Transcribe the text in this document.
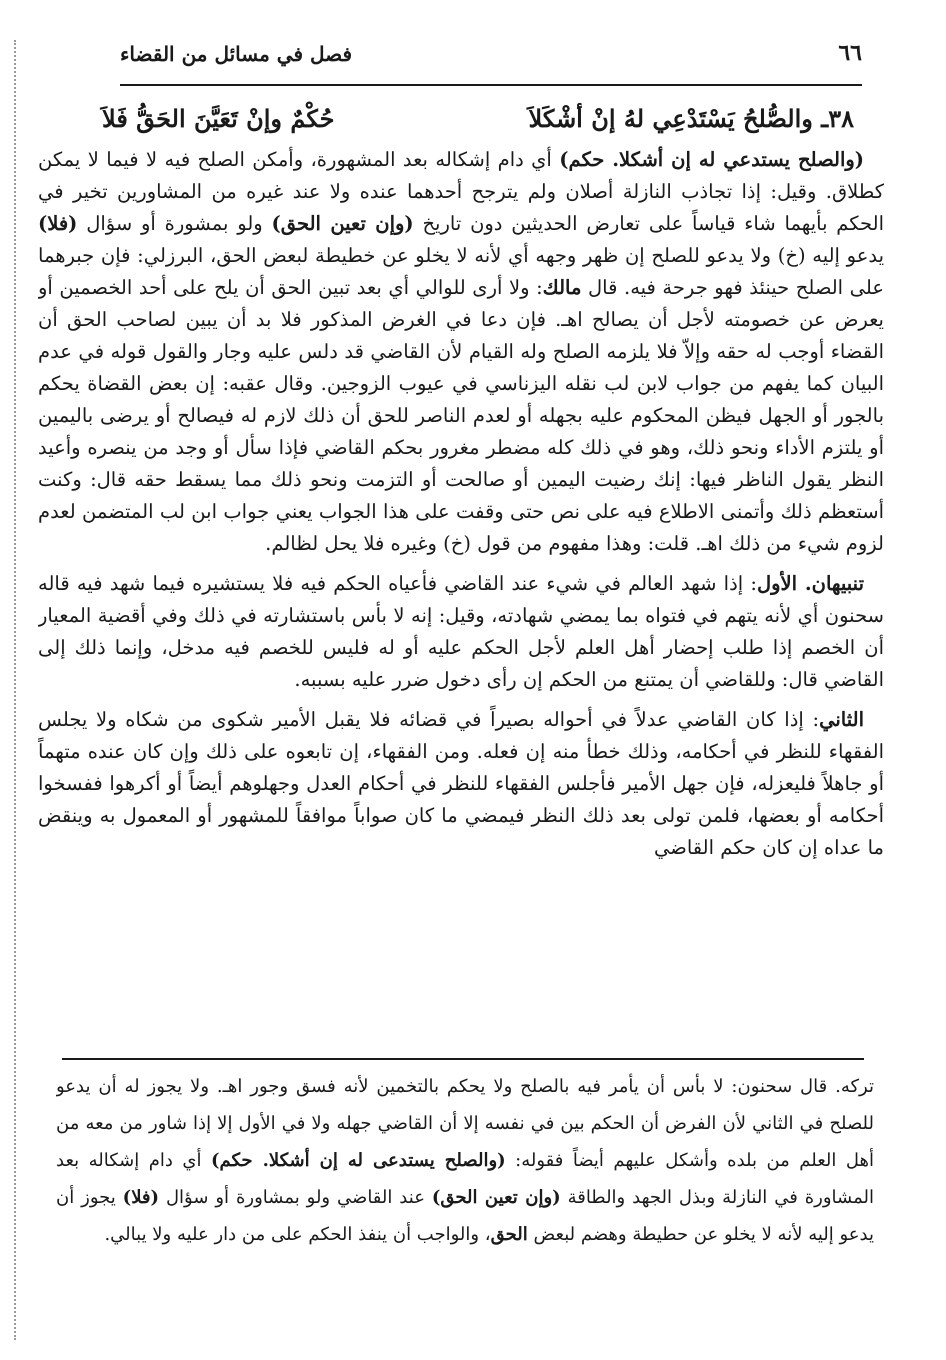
٦٦
فصل في مسائل من القضاء
٣٨ـ والصُّلحُ يَسْتَدْعِي لهُ إنْ أشْكَلاَ
حُكْمٌ وإنْ تَعَيَّنَ الحَقُّ فَلاَ

(والصلح يستدعي له إن أشكلا. حكم) أي دام إشكاله بعد المشهورة، وأمكن الصلح فيه لا فيما لا يمكن كطلاق. وقيل: إذا تجاذب النازلة أصلان ولم يترجح أحدهما عنده ولا عند غيره من المشاورين تخير في الحكم بأيهما شاء قياساً على تعارض الحديثين دون تاريخ (وإن تعين الحق) ولو بمشورة أو سؤال (فلا) يدعو إليه (خ) ولا يدعو للصلح إن ظهر وجهه أي لأنه لا يخلو عن خطيطة لبعض الحق، البرزلي: فإن جبرهما على الصلح حينئذ فهو جرحة فيه. قال مالك: ولا أرى للوالي أي بعد تبين الحق أن يلح على أحد الخصمين أو يعرض عن خصومته لأجل أن يصالح اهـ. فإن دعا في الغرض المذكور فلا بد أن يبين لصاحب الحق أن القضاء أوجب له حقه وإلاّ فلا يلزمه الصلح وله القيام لأن القاضي قد دلس عليه وجار والقول قوله في عدم البيان كما يفهم من جواب لابن لب نقله اليزناسي في عيوب الزوجين. وقال عقبه: إن بعض القضاة يحكم بالجور أو الجهل فيظن المحكوم عليه بجهله أو لعدم الناصر للحق أن ذلك لازم له فيصالح أو يرضى باليمين أو يلتزم الأداء ونحو ذلك، وهو في ذلك كله مضطر مغرور بحكم القاضي فإذا سأل أو وجد من ينصره وأعيد النظر يقول الناظر فيها: إنك رضيت اليمين أو صالحت أو التزمت ونحو ذلك مما يسقط حقه قال: وكنت أستعظم ذلك وأتمنى الاطلاع فيه على نص حتى وقفت على هذا الجواب يعني جواب ابن لب المتضمن لعدم لزوم شيء من ذلك اهـ. قلت: وهذا مفهوم من قول (خ) وغيره فلا يحل لظالم.

تنبيهان. الأول: إذا شهد العالم في شيء عند القاضي فأعياه الحكم فيه فلا يستشيره فيما شهد فيه قاله سحنون أي لأنه يتهم في فتواه بما يمضي شهادته، وقيل: إنه لا بأس باستشارته في ذلك وفي أقضية المعيار أن الخصم إذا طلب إحضار أهل العلم لأجل الحكم عليه أو له فليس للخصم فيه مدخل، وإنما ذلك إلى القاضي قال: وللقاضي أن يمتنع من الحكم إن رأى دخول ضرر عليه بسببه.

الثاني: إذا كان القاضي عدلاً في أحواله بصيراً في قضائه فلا يقبل الأمير شكوى من شكاه ولا يجلس الفقهاء للنظر في أحكامه، وذلك خطأ منه إن فعله. ومن الفقهاء، إن تابعوه على ذلك وإن كان عنده متهماً أو جاهلاً فليعزله، فإن جهل الأمير فأجلس الفقهاء للنظر في أحكام العدل وجهلوهم أيضاً أو أكرهوا ففسخوا أحكامه أو بعضها، فلمن تولى بعد ذلك النظر فيمضي ما كان صواباً موافقاً للمشهور أو المعمول به وينقض ما عداه إن كان حكم القاضي

تركه. قال سحنون: لا بأس أن يأمر فيه بالصلح ولا يحكم بالتخمين لأنه فسق وجور اهـ. ولا يجوز له أن يدعو للصلح في الثاني لأن الفرض أن الحكم بين في نفسه إلا أن القاضي جهله ولا في الأول إلا إذا شاور من معه من أهل العلم من بلده وأشكل عليهم أيضاً فقوله: (والصلح يستدعى له إن أشكلا. حكم) أي دام إشكاله بعد المشاورة في النازلة وبذل الجهد والطاقة (وإن تعين الحق) عند القاضي ولو بمشاورة أو سؤال (فلا) يجوز أن يدعو إليه لأنه لا يخلو عن حطيطة وهضم لبعض الحق، والواجب أن ينفذ الحكم على من دار عليه ولا يبالي.
